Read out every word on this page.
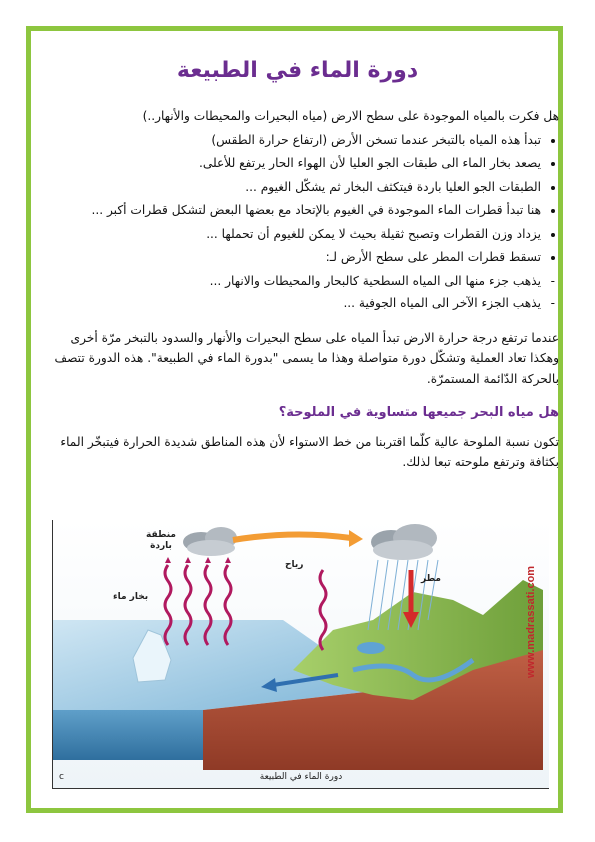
دورة الماء في الطبيعة
هل فكرت بالمياه الموجودة على سطح الارض (مياه البحيرات والمحيطات والأنهار..)
• تبدأ هذه المياه بالتبخر عندما تسخن الأرض (ارتفاع حرارة الطقس)
• يصعد بخار الماء الى طبقات الجو العليا لأن الهواء الحار يرتفع للأعلى.
• الطبقات الجو العليا باردة فيتكثف البخار ثم يشكّل الغيوم ...
• هنا تبدأ قطرات الماء الموجودة في الغيوم بالإتحاد مع بعضها البعض لتشكل قطرات أكبر ...
• يزداد وزن القطرات وتصبح ثقيلة بحيث لا يمكن للغيوم أن تحملها ...
• تسقط قطرات المطر على سطح الأرض لـ:
- يذهب جزء منها الى المياه السطحية كالبحار والمحيطات والانهار ...
- يذهب الجزء الآخر الى المياه الجوفية ...
عندما ترتفع درجة حرارة الارض تبدأ المياه على سطح البحيرات والأنهار والسدود بالتبخر مرّة أخرى وهكذا تعاد العملية وتشكّل دورة متواصلة وهذا ما يسمى "بدورة الماء في الطبيعة". هذه الدورة تتصف بالحركة الدّائمة المستمرّة.
هل مياه البحر جميعها متساوية في الملوحة؟
تكون نسبة الملوحة عالية كلّما اقتربنا من خط الاستواء لأن هذه المناطق شديدة الحرارة فيتبخّر الماء بكثافة وترتفع ملوحته تبعا لذلك.
منطقة باردة
بخار ماء
رياح
مطر
دورة الماء في الطبيعة
c
www.madrassati.com
